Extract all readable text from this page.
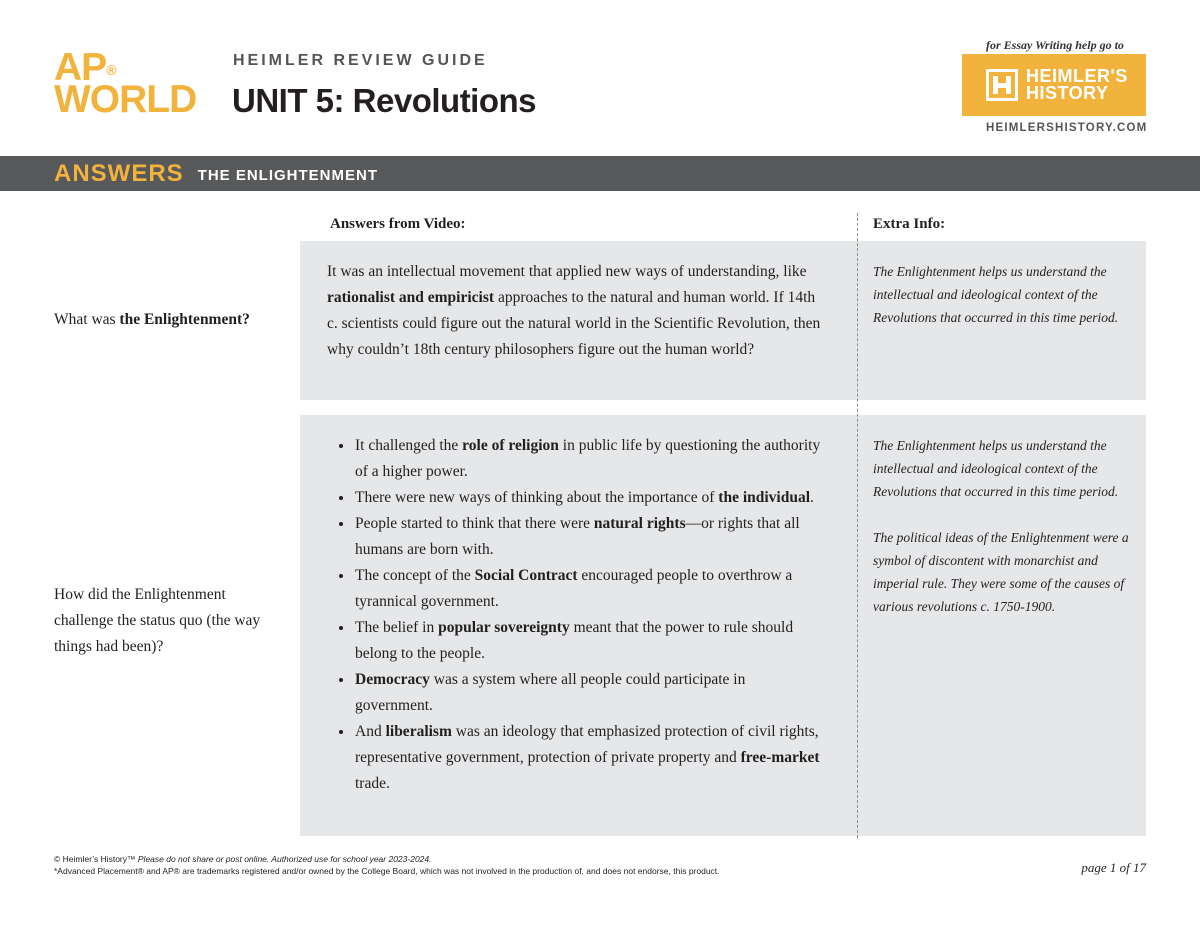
AP®
WORLD
HEIMLER REVIEW GUIDE
UNIT 5: Revolutions
for Essay Writing help go to
HEIMLER'S HISTORY
HEIMLERSHISTORY.COM
ANSWERS THE ENLIGHTENMENT
Answers from Video:	Extra Info:
What was the Enlightenment?
It was an intellectual movement that applied new ways of understanding, like rationalist and empiricist approaches to the natural and human world. If 14th c. scientists could figure out the natural world in the Scientific Revolution, then why couldn’t 18th century philosophers figure out the human world?

The Enlightenment helps us understand the intellectual and ideological context of the Revolutions that occurred in this time period.

How did the Enlightenment challenge the status quo (the way things had been)?
It challenged the role of religion in public life by questioning the authority of a higher power.
There were new ways of thinking about the importance of the individual.
People started to think that there were natural rights—or rights that all humans are born with.
The concept of the Social Contract encouraged people to overthrow a tyrannical government.
The belief in popular sovereignty meant that the power to rule should belong to the people.
Democracy was a system where all people could participate in government.
And liberalism was an ideology that emphasized protection of civil rights, representative government, protection of private property and free-market trade.

The Enlightenment helps us understand the intellectual and ideological context of the Revolutions that occurred in this time period.

The political ideas of the Enlightenment were a symbol of discontent with monarchist and imperial rule. They were some of the causes of various revolutions c. 1750-1900.

© Heimler’s History™ Please do not share or post online. Authorized use for school year 2023-2024.
*Advanced Placement® and AP® are trademarks registered and/or owned by the College Board, which was not involved in the production of, and does not endorse, this product.	page 1 of 17
